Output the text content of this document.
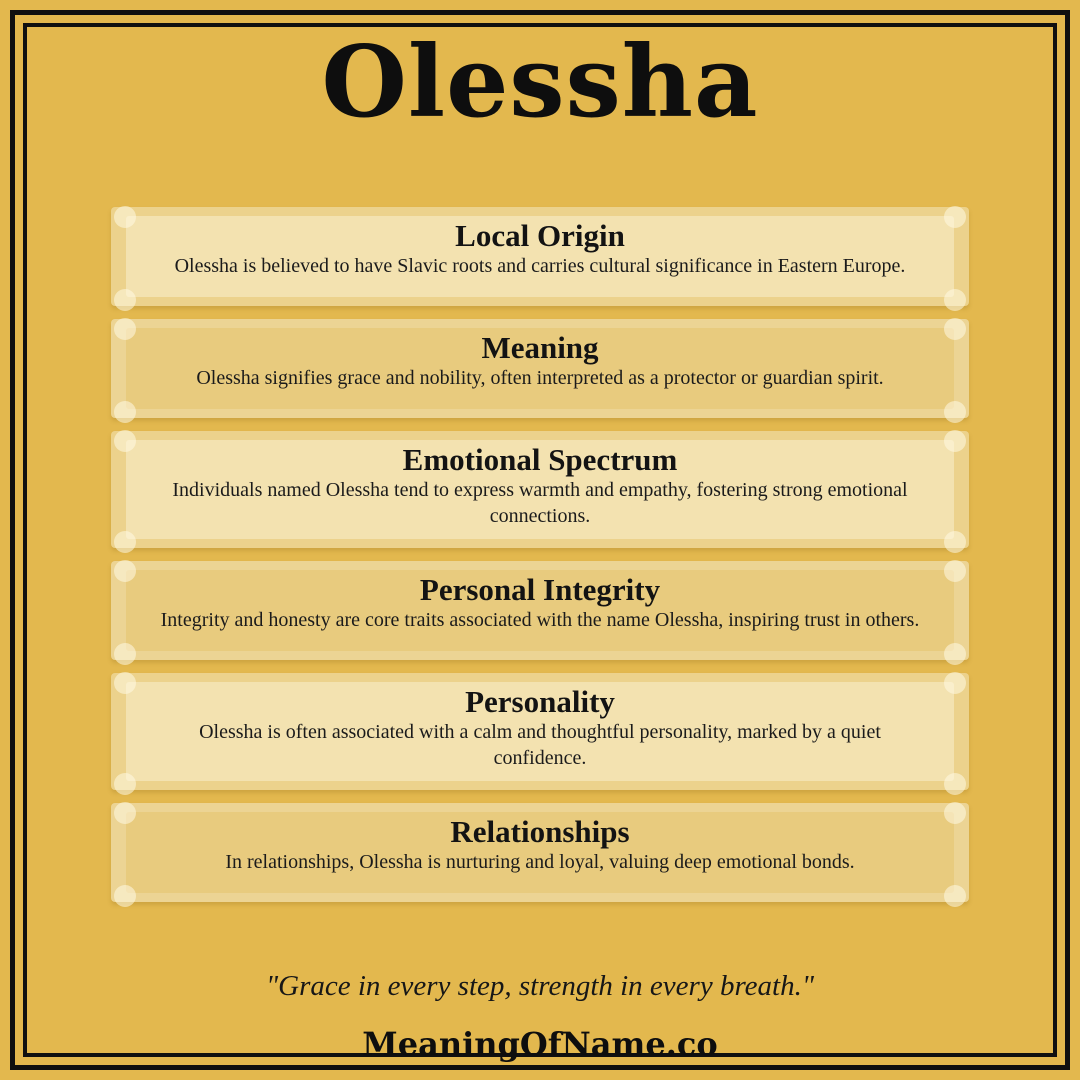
Olessha
Local Origin
Olessha is believed to have Slavic roots and carries cultural significance in Eastern Europe.
Meaning
Olessha signifies grace and nobility, often interpreted as a protector or guardian spirit.
Emotional Spectrum
Individuals named Olessha tend to express warmth and empathy, fostering strong emotional connections.
Personal Integrity
Integrity and honesty are core traits associated with the name Olessha, inspiring trust in others.
Personality
Olessha is often associated with a calm and thoughtful personality, marked by a quiet confidence.
Relationships
In relationships, Olessha is nurturing and loyal, valuing deep emotional bonds.
"Grace in every step, strength in every breath."
MeaningOfName.co
